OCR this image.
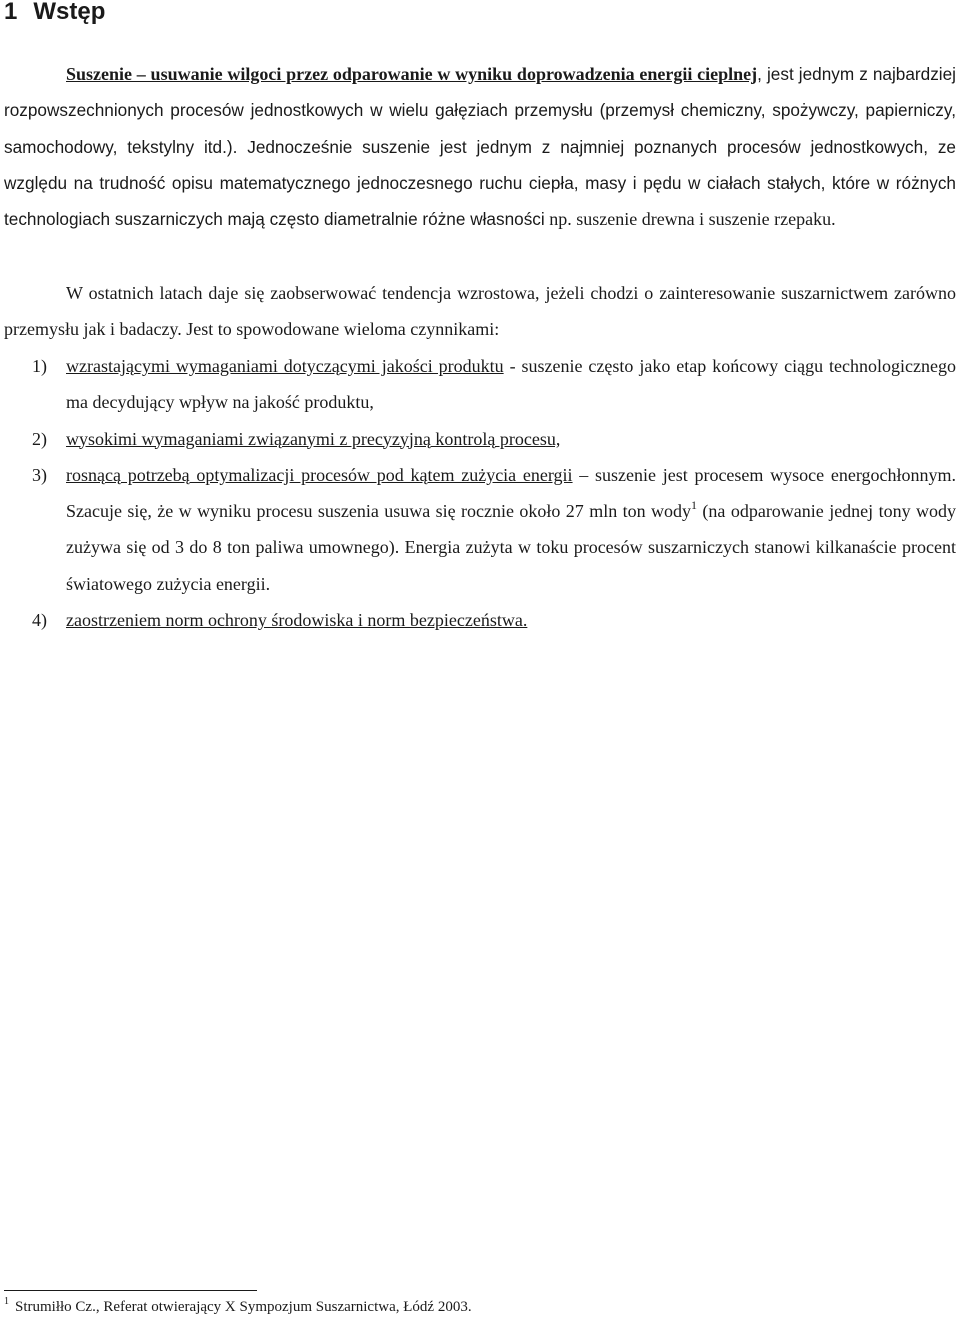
1 Wstęp

Suszenie – usuwanie wilgoci przez odparowanie w wyniku doprowadzenia energii cieplnej, jest jednym z najbardziej rozpowszechnionych procesów jednostkowych w wielu gałęziach przemysłu (przemysł chemiczny, spożywczy, papierniczy, samochodowy, tekstylny itd.). Jednocześnie suszenie jest jednym z najmniej poznanych procesów jednostkowych, ze względu na trudność opisu matematycznego jednoczesnego ruchu ciepła, masy i pędu w ciałach stałych, które w różnych technologiach suszarniczych mają często diametralnie różne własności np. suszenie drewna i suszenie rzepaku.

W ostatnich latach daje się zaobserwować tendencja wzrostowa, jeżeli chodzi o zainteresowanie suszarnictwem zarówno przemysłu jak i badaczy. Jest to spowodowane wieloma czynnikami:

1) wzrastającymi wymaganiami dotyczącymi jakości produktu - suszenie często jako etap końcowy ciągu technologicznego ma decydujący wpływ na jakość produktu,
2) wysokimi wymaganiami związanymi z precyzyjną kontrolą procesu,
3) rosnącą potrzebą optymalizacji procesów pod kątem zużycia energii – suszenie jest procesem wysoce energochłonnym. Szacuje się, że w wyniku procesu suszenia usuwa się rocznie około 27 mln ton wody$^1$ (na odparowanie jednej tony wody zużywa się od 3 do 8 ton paliwa umownego). Energia zużyta w toku procesów suszarniczych stanowi kilkanaście procent światowego zużycia energii.
4) zaostrzeniem norm ochrony środowiska i norm bezpieczeństwa.

$^1$ Strumiłło Cz., Referat otwierający X Sympozjum Suszarnictwa, Łódź 2003.
